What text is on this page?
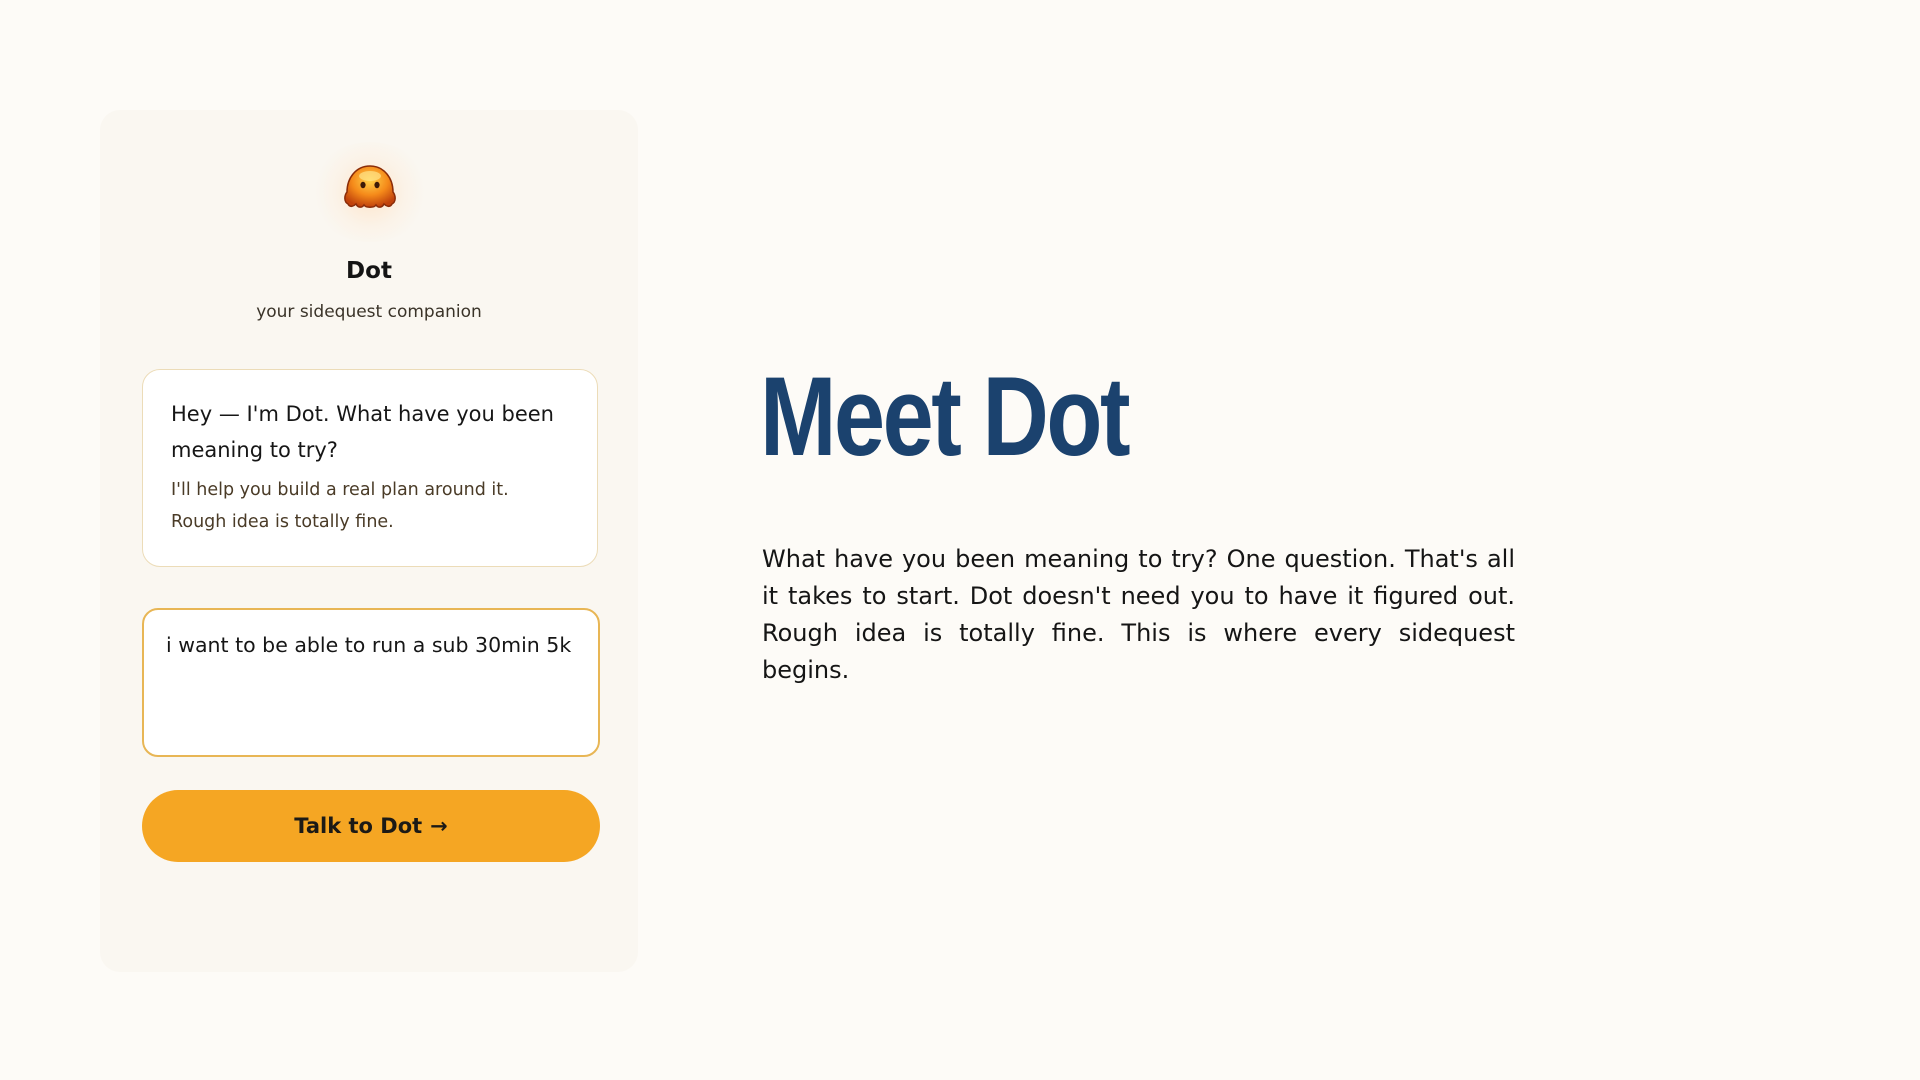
Dot
your sidequest companion
Hey — I'm Dot. What have you been meaning to try?
I'll help you build a real plan around it. Rough idea is totally fine.
i want to be able to run a sub 30min 5k
Talk to Dot →
Meet Dot
What have you been meaning to try? One question. That's all it takes to start. Dot doesn't need you to have it figured out. Rough idea is totally fine. This is where every sidequest begins.
